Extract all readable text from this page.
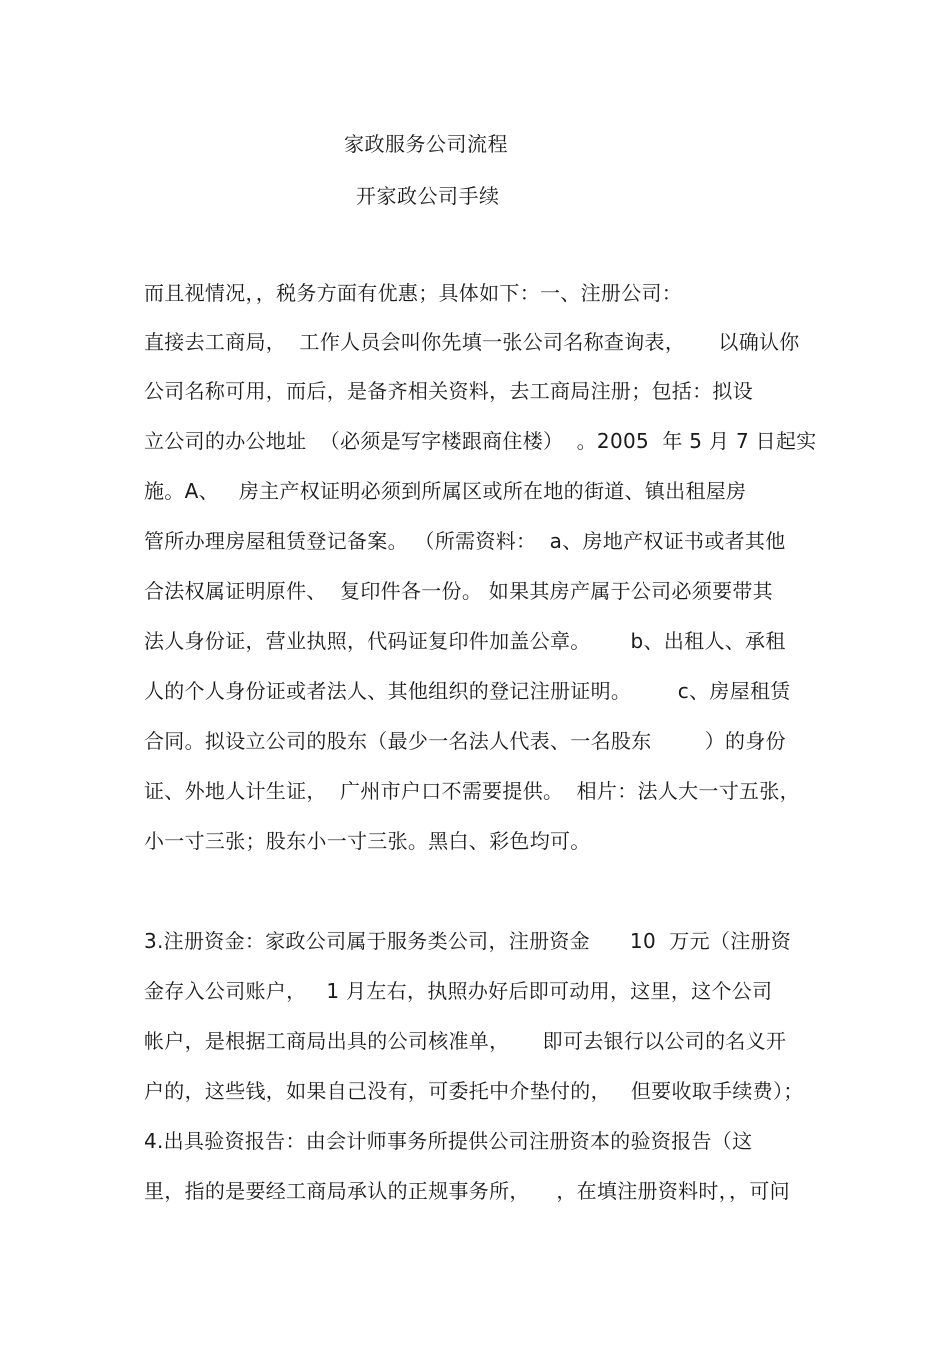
家政服务公司流程
开家政公司手续
而且视情况，，税务方面有优惠；具体如下：一、注册公司：
直接去工商局，  工作人员会叫你先填一张公司名称查询表，     以确认你
公司名称可用，而后，是备齐相关资料，去工商局注册；包括：拟设
立公司的办公地址  （必须是写字楼跟商住楼）  。2005  年 5 月 7 日起实
施。A、   房主产权证明必须到所属区或所在地的街道、镇出租屋房
管所办理房屋租赁登记备案。 （所需资料：  a、房地产权证书或者其他
合法权属证明原件、  复印件各一份。 如果其房产属于公司必须要带其
法人身份证，营业执照，代码证复印件加盖公章。      b、出租人、承租
人的个人身份证或者法人、其他组织的登记注册证明。       c、房屋租赁
合同。拟设立公司的股东（最少一名法人代表、一名股东        ）的身份
证、外地人计生证，  广州市户口不需要提供。  相片：法人大一寸五张，
小一寸三张；股东小一寸三张。黑白、彩色均可。
3.注册资金：家政公司属于服务类公司，注册资金      10  万元（注册资
金存入公司账户，   1 月左右，执照办好后即可动用，这里，这个公司
帐户，是根据工商局出具的公司核准单，     即可去银行以公司的名义开
户的，这些钱，如果自己没有，可委托中介垫付的，   但要收取手续费）；
4.出具验资报告：由会计师事务所提供公司注册资本的验资报告（这
里，指的是要经工商局承认的正规事务所，    ，在填注册资料时，，可问
